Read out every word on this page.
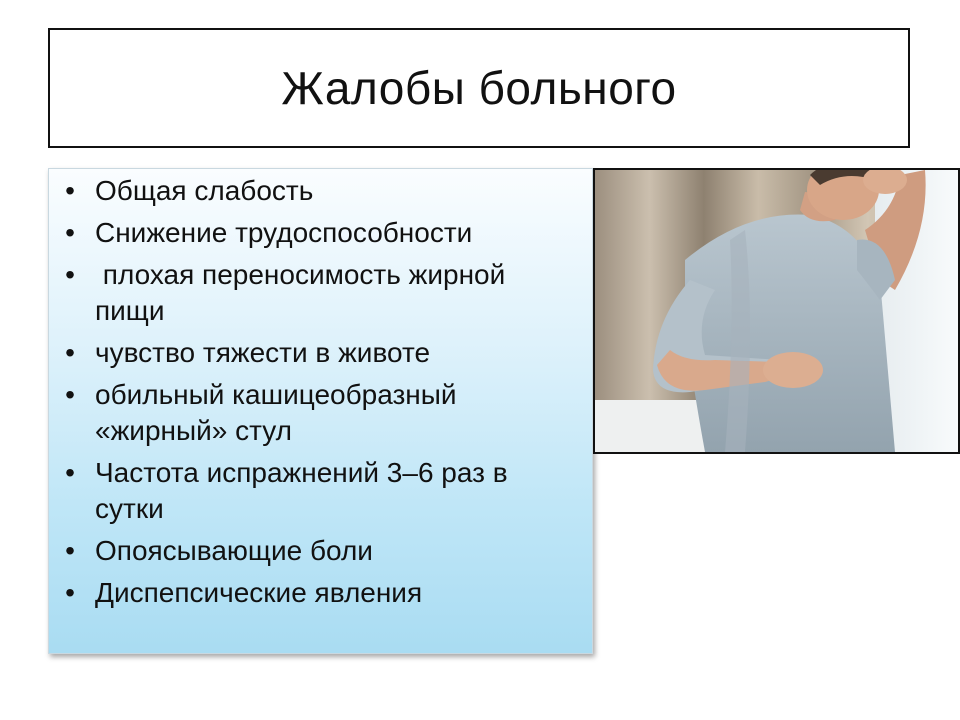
Жалобы больного
• Общая слабость
• Снижение трудоспособности
• плохая переносимость жирной пищи
• чувство тяжести в животе
• обильный кашицеобразный «жирный» стул
• Частота испражнений 3–6 раз в сутки
• Опоясывающие боли
• Диспепсические явления
